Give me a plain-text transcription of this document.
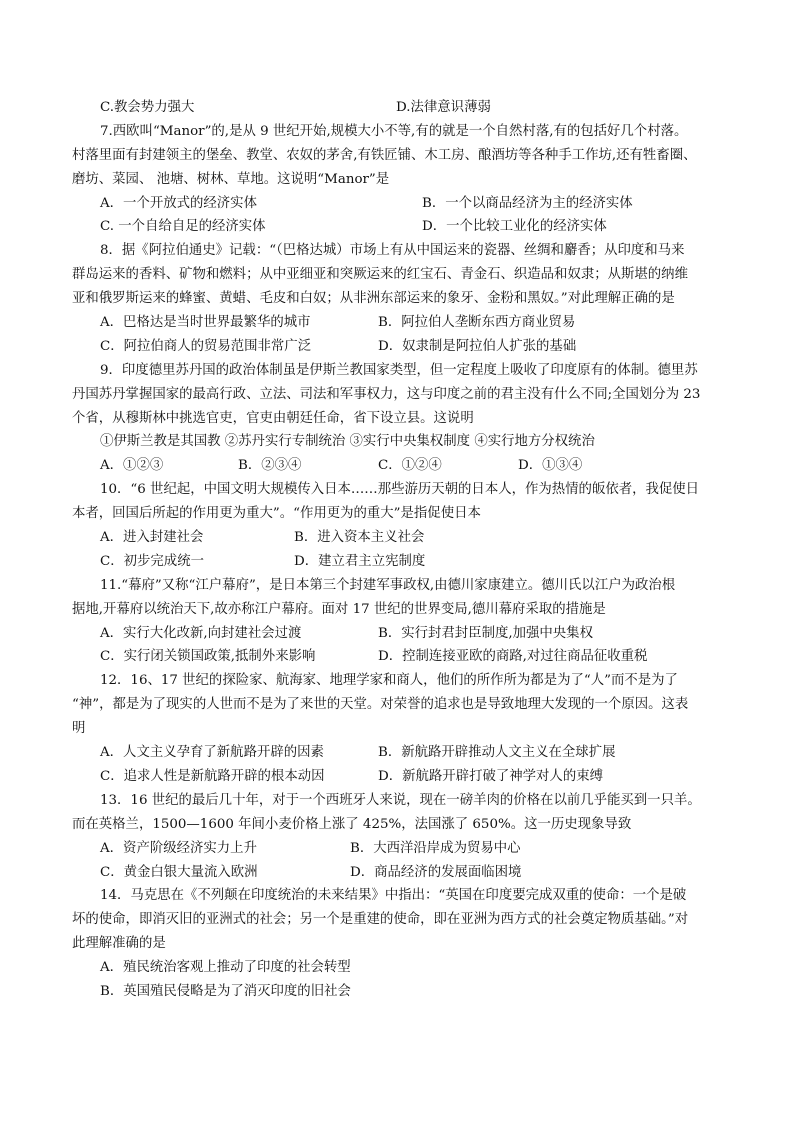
C.教会势力强大	D.法律意识薄弱
7.西欧叫“Manor”的,是从 9 世纪开始,规模大小不等,有的就是一个自然村落,有的包括好几个村落。
村落里面有封建领主的堡垒、教堂、农奴的茅舍,有铁匠铺、木工房、酿酒坊等各种手工作坊,还有牲畜圈、
磨坊、菜园、 池塘、树林、草地。这说明“Manor”是
A．一个开放式的经济实体	B．一个以商品经济为主的经济实体
C. 一个自给自足的经济实体	D．一个比较工业化的经济实体
8．据《阿拉伯通史》记载：“（巴格达城）市场上有从中国运来的瓷器、丝绸和麝香；从印度和马来
群岛运来的香料、矿物和燃料；从中亚细亚和突厥运来的红宝石、青金石、织造品和奴隶；从斯堪的纳维
亚和俄罗斯运来的蜂蜜、黄蜡、毛皮和白奴；从非洲东部运来的象牙、金粉和黑奴。”对此理解正确的是
A．巴格达是当时世界最繁华的城市	B．阿拉伯人垄断东西方商业贸易
C．阿拉伯商人的贸易范围非常广泛	D．奴隶制是阿拉伯人扩张的基础
9．印度德里苏丹国的政治体制虽是伊斯兰教国家类型，但一定程度上吸收了印度原有的体制。德里苏
丹国苏丹掌握国家的最高行政、立法、司法和军事权力，这与印度之前的君主没有什么不同;全国划分为 23
个省，从穆斯林中挑选官吏，官吏由朝廷任命，省下设立县。这说明
①伊斯兰教是其国教 ②苏丹实行专制统治 ③实行中央集权制度 ④实行地方分权统治
A．①②③	B．②③④	C．①②④	D．①③④
10．“6 世纪起，中国文明大规模传入日本……那些游历天朝的日本人，作为热情的皈依者，我促使日
本者，回国后所起的作用更为重大”。“作用更为的重大”是指促使日本
A．进入封建社会	B．进入资本主义社会
C．初步完成统一	D．建立君主立宪制度
11.“幕府”又称“江户幕府”，是日本第三个封建军事政权,由德川家康建立。德川氏以江户为政治根
据地,开幕府以统治天下,故亦称江户幕府。面对 17 世纪的世界变局,德川幕府采取的措施是
A．实行大化改新,向封建社会过渡	B．实行封君封臣制度,加强中央集权
C．实行闭关锁国政策,抵制外来影响	D．控制连接亚欧的商路,对过往商品征收重税
12．16、17 世纪的探险家、航海家、地理学家和商人，他们的所作所为都是为了“人”而不是为了
“神”，都是为了现实的人世而不是为了来世的天堂。对荣誉的追求也是导致地理大发现的一个原因。这表
明
A．人文主义孕育了新航路开辟的因素	B．新航路开辟推动人文主义在全球扩展
C．追求人性是新航路开辟的根本动因	D．新航路开辟打破了神学对人的束缚
13．16 世纪的最后几十年，对于一个西班牙人来说，现在一磅羊肉的价格在以前几乎能买到一只羊。
而在英格兰，1500—1600 年间小麦价格上涨了 425%，法国涨了 650%。这一历史现象导致
A．资产阶级经济实力上升	B．大西洋沿岸成为贸易中心
C．黄金白银大量流入欧洲	D．商品经济的发展面临困境
14．马克思在《不列颠在印度统治的未来结果》中指出：“英国在印度要完成双重的使命：一个是破
坏的使命，即消灭旧的亚洲式的社会；另一个是重建的使命，即在亚洲为西方式的社会奠定物质基础。”对
此理解准确的是
A．殖民统治客观上推动了印度的社会转型
B．英国殖民侵略是为了消灭印度的旧社会
